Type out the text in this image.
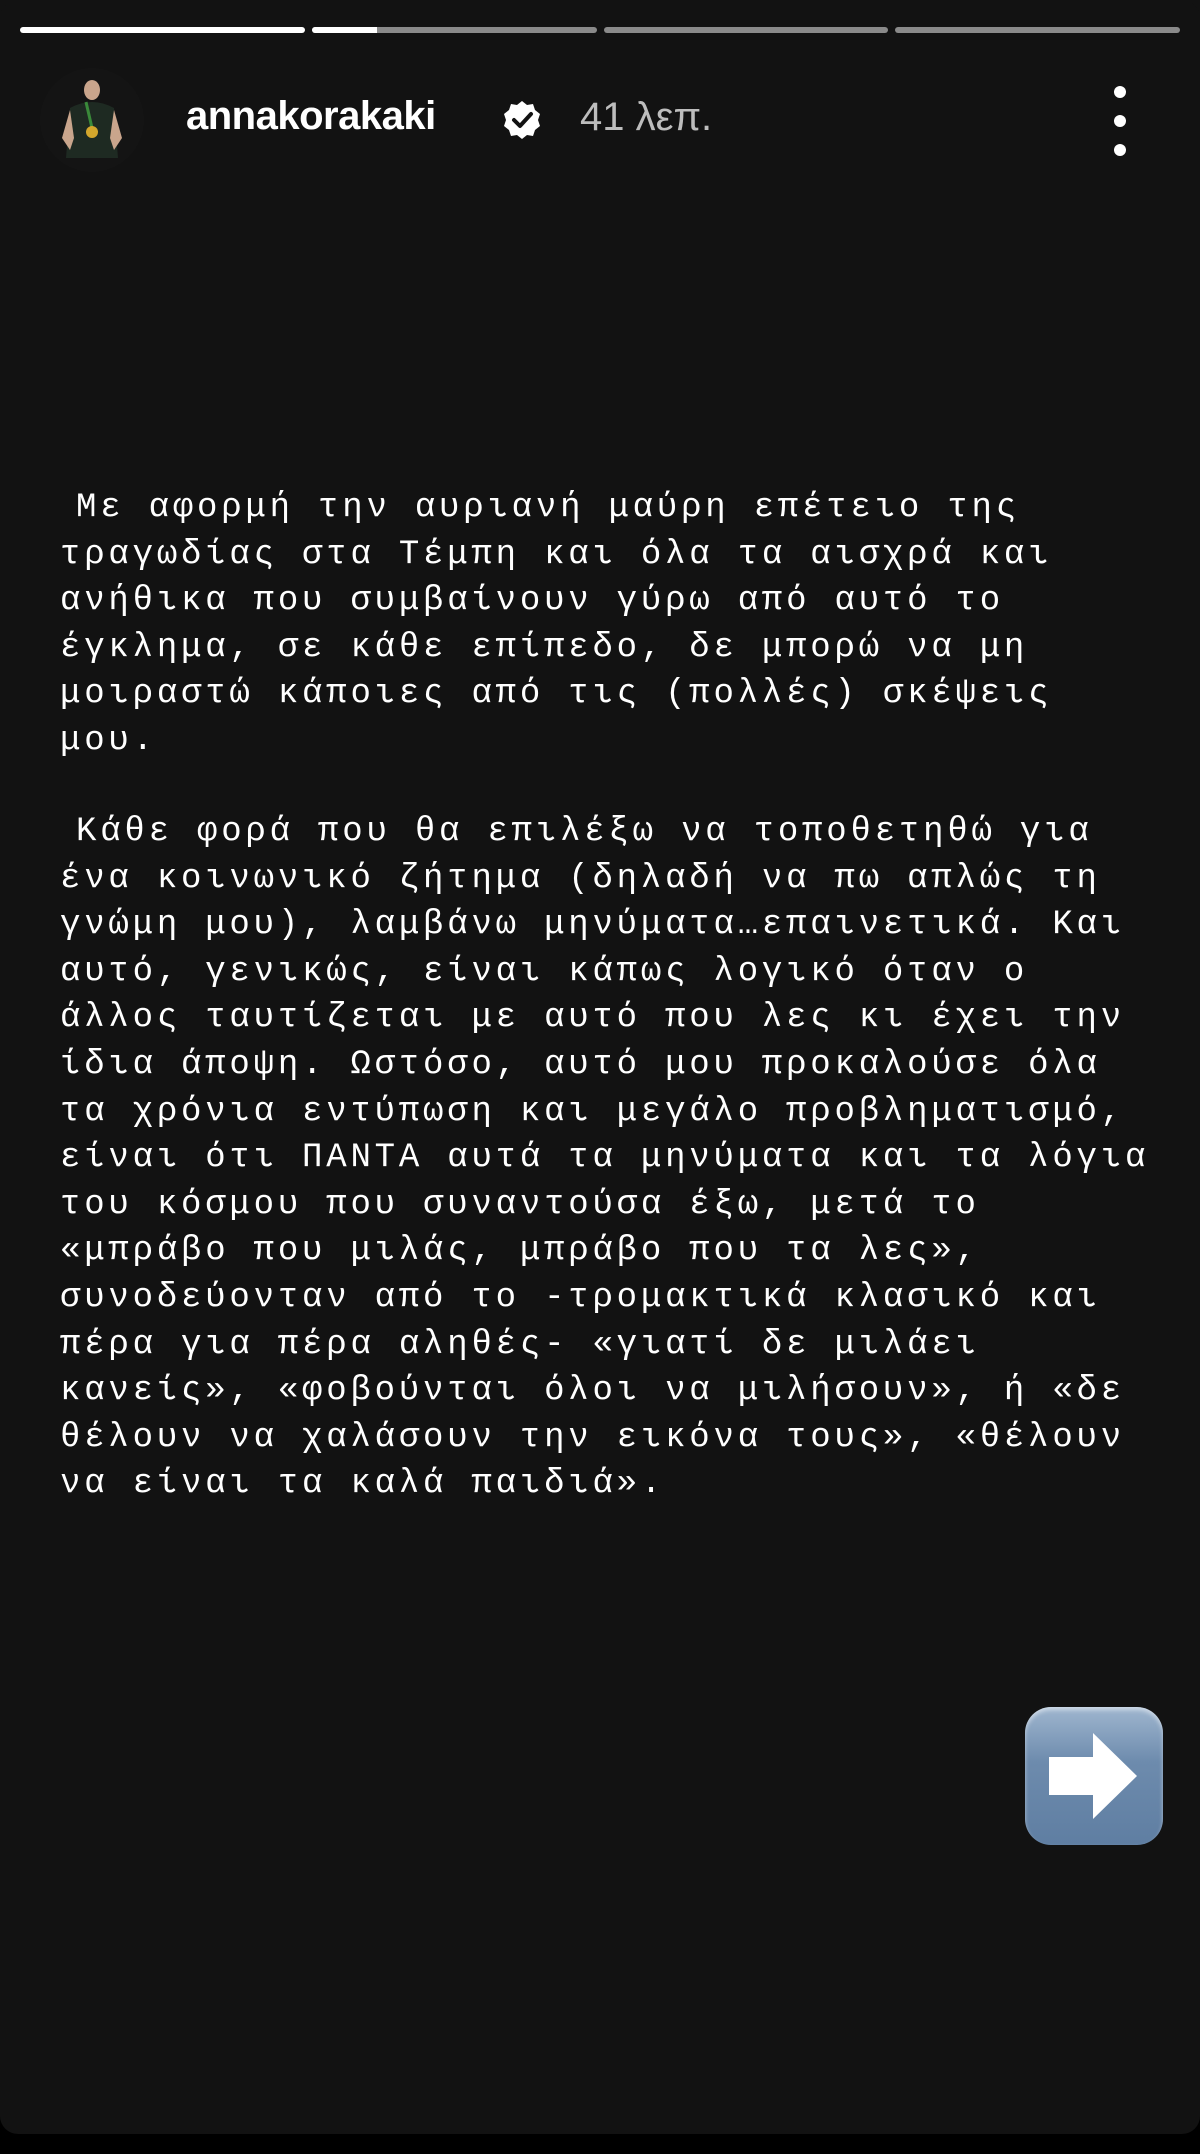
annakorakaki	41 λεπ.
Με αφορμή την αυριανή μαύρη επέτειο της
τραγωδίας στα Τέμπη και όλα τα αισχρά και
ανήθικα που συμβαίνουν γύρω από αυτό το
έγκλημα, σε κάθε επίπεδο, δε μπορώ να μη
μοιραστώ κάποιες από τις (πολλές) σκέψεις
μου.
Κάθε φορά που θα επιλέξω να τοποθετηθώ για
ένα κοινωνικό ζήτημα (δηλαδή να πω απλώς τη
γνώμη μου), λαμβάνω μηνύματα…επαινετικά. Και
αυτό, γενικώς, είναι κάπως λογικό όταν ο
άλλος ταυτίζεται με αυτό που λες κι έχει την
ίδια άποψη. Ωστόσο, αυτό μου προκαλούσε όλα
τα χρόνια εντύπωση και μεγάλο προβληματισμό,
είναι ότι ΠΑΝΤΑ αυτά τα μηνύματα και τα λόγια
του κόσμου που συναντούσα έξω, μετά το
«μπράβο που μιλάς, μπράβο που τα λες»,
συνοδεύονταν από το -τρομακτικά κλασικό και
πέρα για πέρα αληθές- «γιατί δε μιλάει
κανείς», «φοβούνται όλοι να μιλήσουν», ή «δε
θέλουν να χαλάσουν την εικόνα τους», «θέλουν
να είναι τα καλά παιδιά».
